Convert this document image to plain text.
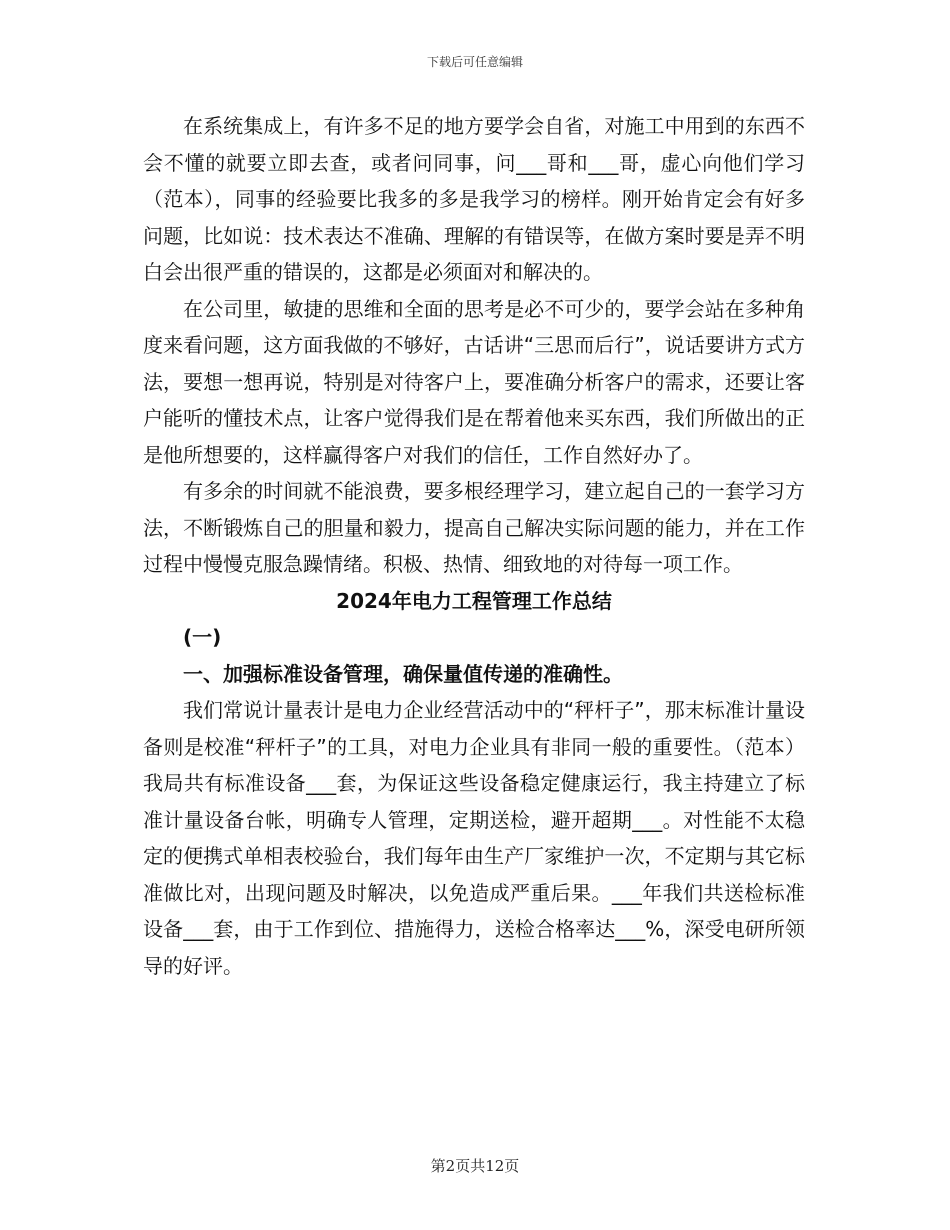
下载后可任意编辑

在系统集成上，有许多不足的地方要学会自省，对施工中用到的东西不会不懂的就要立即去查，或者问同事，问___哥和___哥，虚心向他们学习（范本），同事的经验要比我多的多是我学习的榜样。刚开始肯定会有好多问题，比如说：技术表达不准确、理解的有错误等，在做方案时要是弄不明白会出很严重的错误的，这都是必须面对和解决的。

在公司里，敏捷的思维和全面的思考是必不可少的，要学会站在多种角度来看问题，这方面我做的不够好，古话讲“三思而后行”，说话要讲方式方法，要想一想再说，特别是对待客户上，要准确分析客户的需求，还要让客户能听的懂技术点，让客户觉得我们是在帮着他来买东西，我们所做出的正是他所想要的，这样赢得客户对我们的信任，工作自然好办了。

有多余的时间就不能浪费，要多根经理学习，建立起自己的一套学习方法，不断锻炼自己的胆量和毅力，提高自己解决实际问题的能力，并在工作过程中慢慢克服急躁情绪。积极、热情、细致地的对待每一项工作。

2024年电力工程管理工作总结

(一)

一、加强标准设备管理，确保量值传递的准确性。

我们常说计量表计是电力企业经营活动中的“秤杆子”，那末标准计量设备则是校准“秤杆子”的工具，对电力企业具有非同一般的重要性。（范本）我局共有标准设备___套，为保证这些设备稳定健康运行，我主持建立了标准计量设备台帐，明确专人管理，定期送检，避开超期___。对性能不太稳定的便携式单相表校验台，我们每年由生产厂家维护一次，不定期与其它标准做比对，出现问题及时解决，以免造成严重后果。___年我们共送检标准设备___套，由于工作到位、措施得力，送检合格率达___%，深受电研所领导的好评。

第2页共12页
